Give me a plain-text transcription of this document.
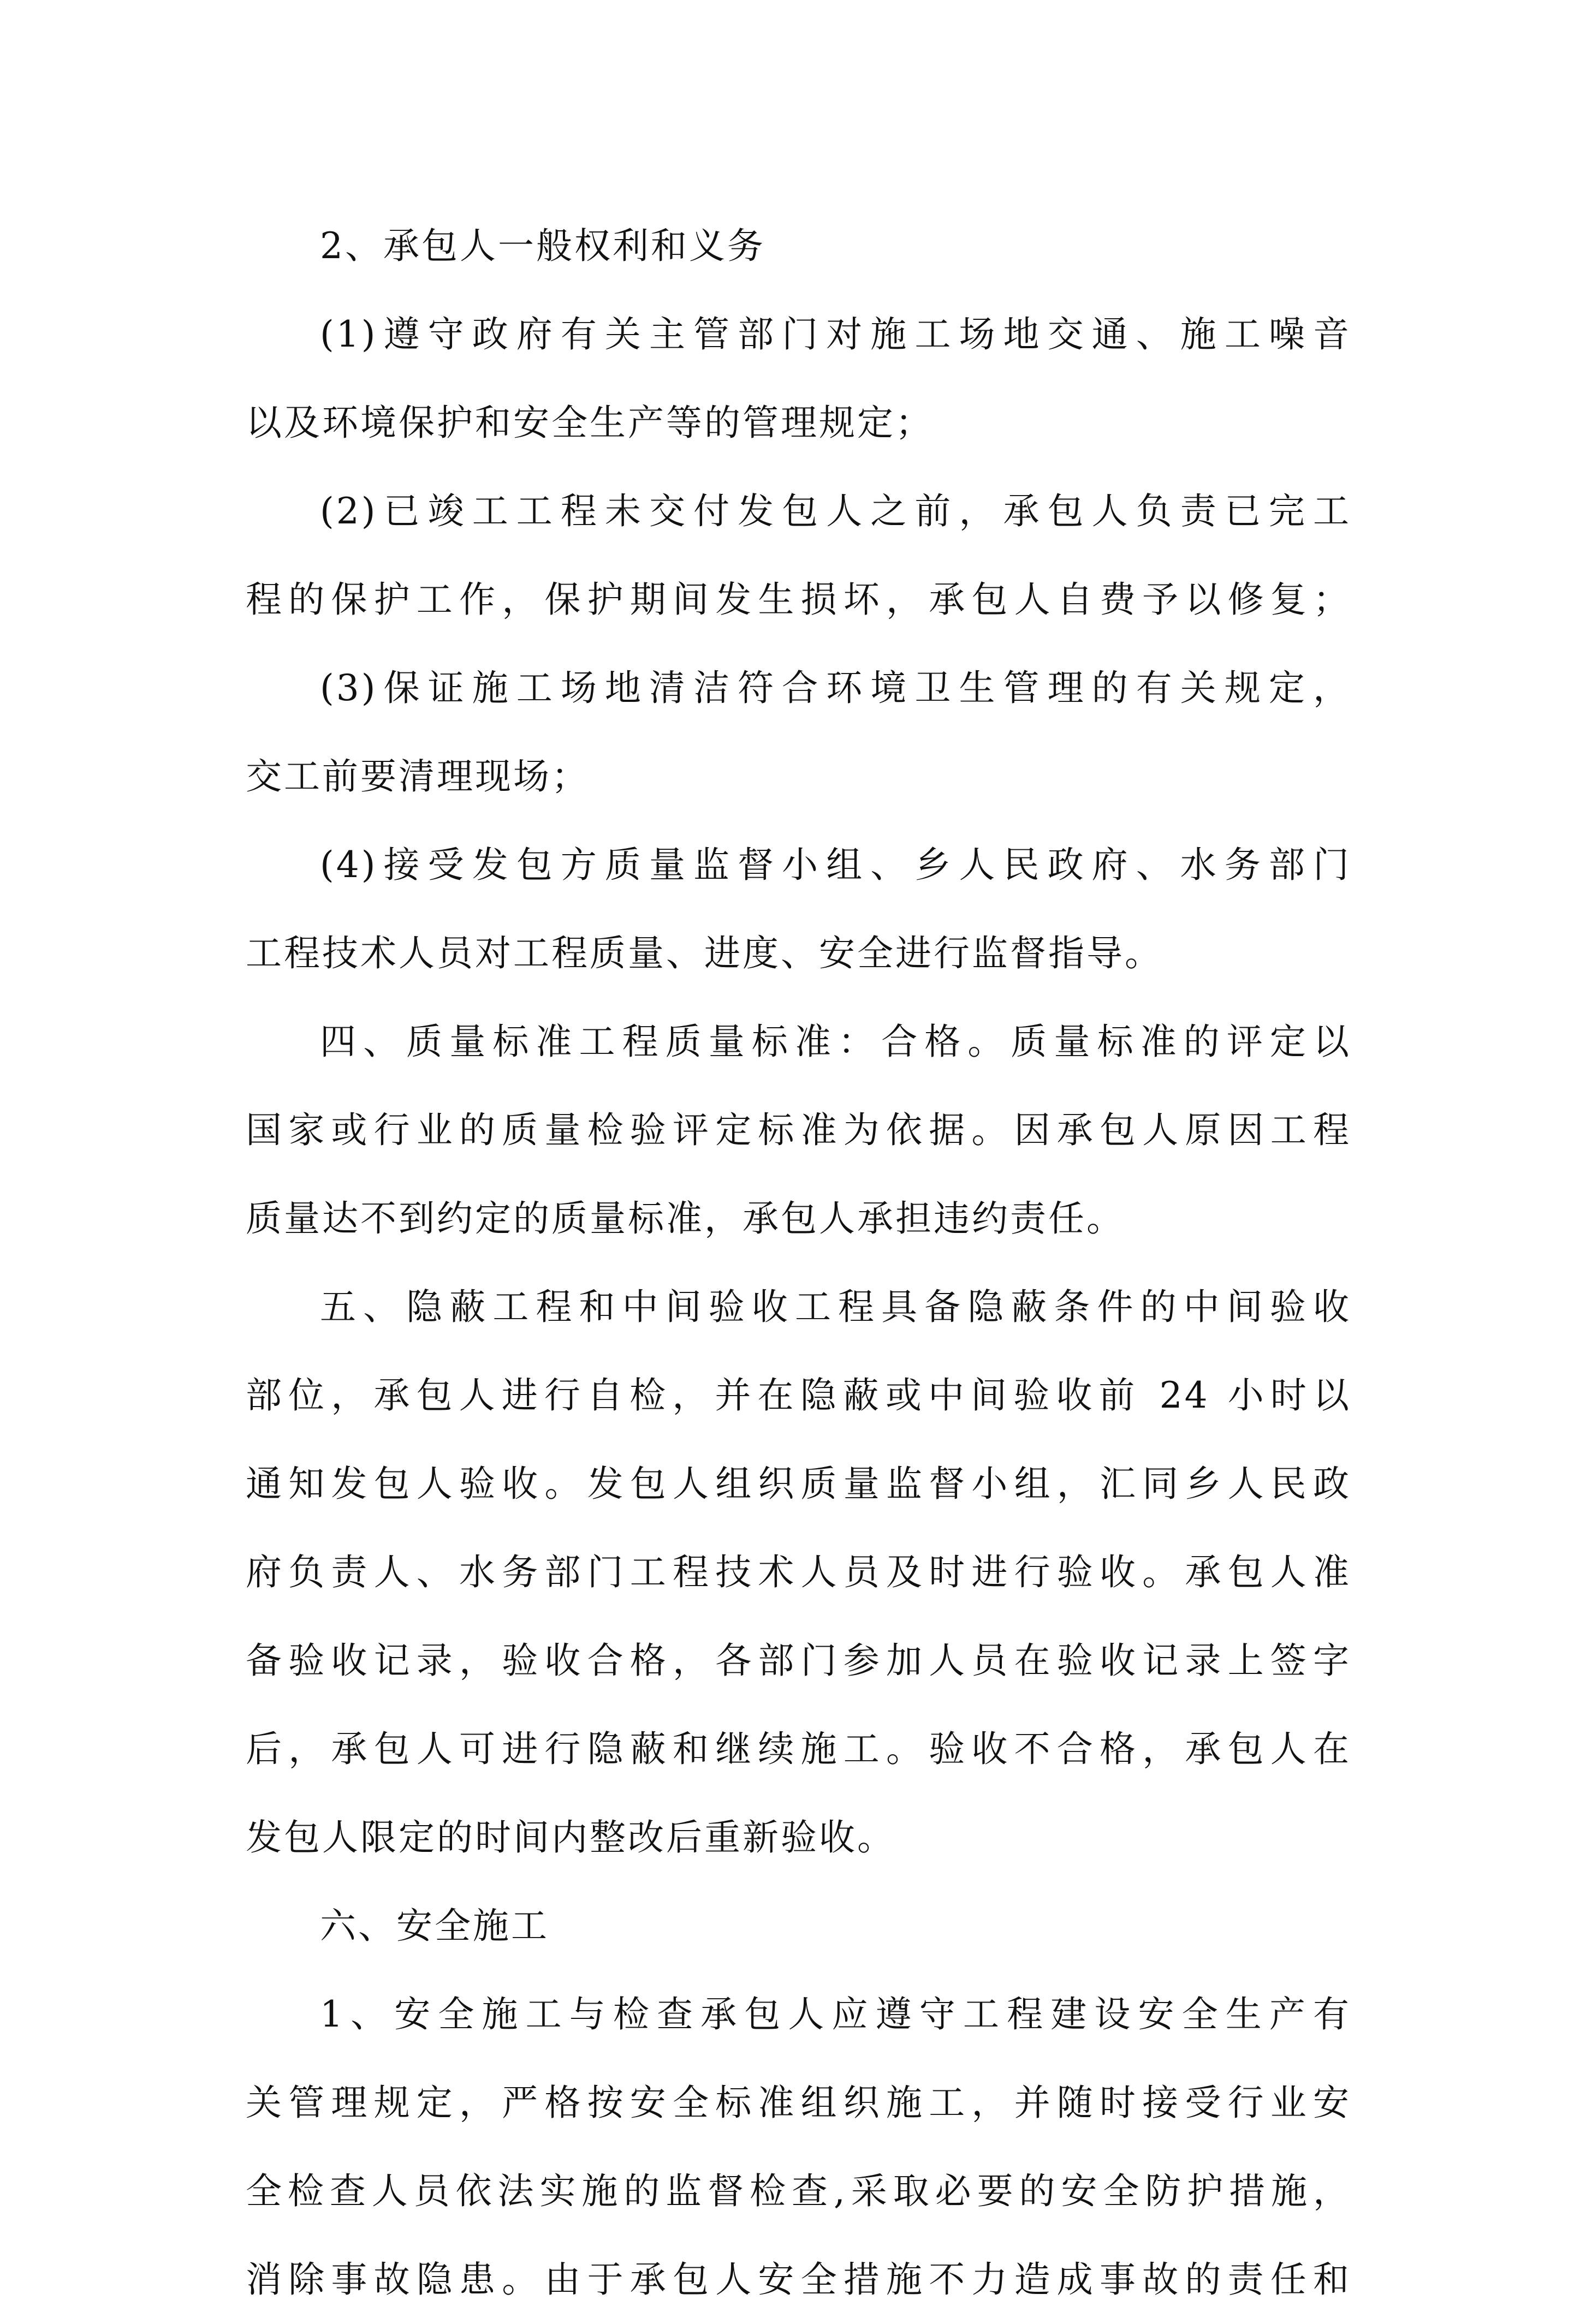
2、承包人一般权利和义务
(1)遵守政府有关主管部门对施工场地交通、施工噪音
以及环境保护和安全生产等的管理规定；
(2)已竣工工程未交付发包人之前，承包人负责已完工
程的保护工作，保护期间发生损坏，承包人自费予以修复；
(3)保证施工场地清洁符合环境卫生管理的有关规定，
交工前要清理现场；
(4)接受发包方质量监督小组、乡人民政府、水务部门
工程技术人员对工程质量、进度、安全进行监督指导。
四、质量标准工程质量标准：合格。质量标准的评定以
国家或行业的质量检验评定标准为依据。因承包人原因工程
质量达不到约定的质量标准，承包人承担违约责任。
五、隐蔽工程和中间验收工程具备隐蔽条件的中间验收
部位，承包人进行自检，并在隐蔽或中间验收前 24 小时以
通知发包人验收。发包人组织质量监督小组，汇同乡人民政
府负责人、水务部门工程技术人员及时进行验收。承包人准
备验收记录，验收合格，各部门参加人员在验收记录上签字
后，承包人可进行隐蔽和继续施工。验收不合格，承包人在
发包人限定的时间内整改后重新验收。
六、安全施工
1、安全施工与检查承包人应遵守工程建设安全生产有
关管理规定，严格按安全标准组织施工，并随时接受行业安
全检查人员依法实施的监督检查,采取必要的安全防护措施，
消除事故隐患。由于承包人安全措施不力造成事故的责任和
